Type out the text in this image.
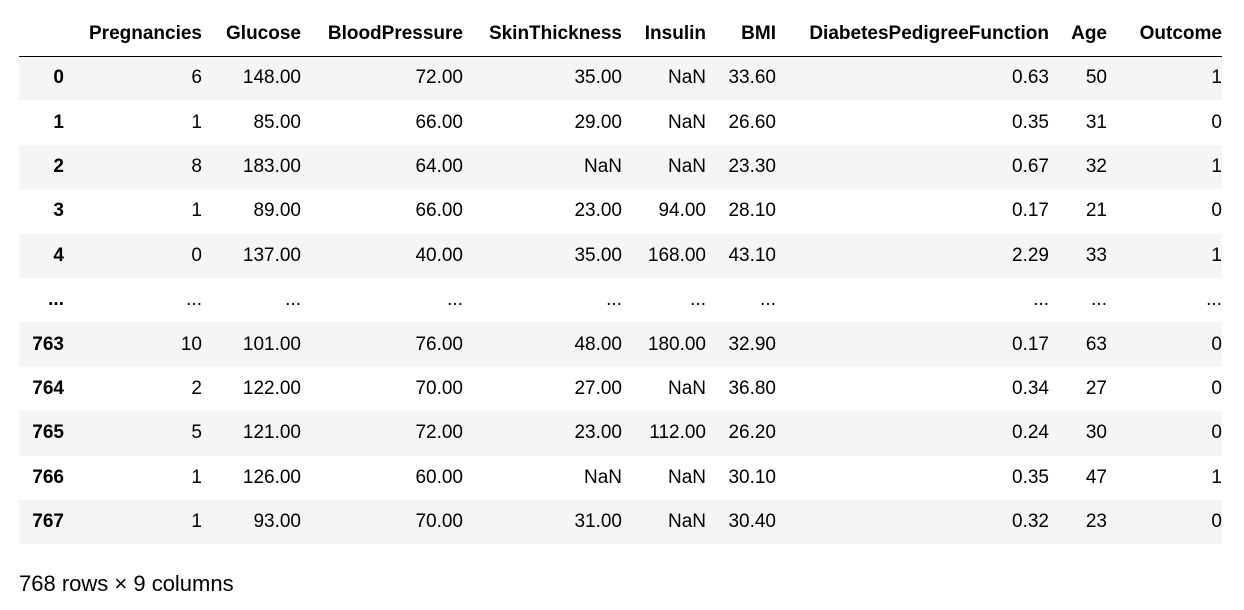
	Pregnancies	Glucose	BloodPressure	SkinThickness	Insulin	BMI	DiabetesPedigreeFunction	Age	Outcome
0	6	148.00	72.00	35.00	NaN	33.60	0.63	50	1
1	1	85.00	66.00	29.00	NaN	26.60	0.35	31	0
2	8	183.00	64.00	NaN	NaN	23.30	0.67	32	1
3	1	89.00	66.00	23.00	94.00	28.10	0.17	21	0
4	0	137.00	40.00	35.00	168.00	43.10	2.29	33	1
...	...	...	...	...	...	...	...	...	...
763	10	101.00	76.00	48.00	180.00	32.90	0.17	63	0
764	2	122.00	70.00	27.00	NaN	36.80	0.34	27	0
765	5	121.00	72.00	23.00	112.00	26.20	0.24	30	0
766	1	126.00	60.00	NaN	NaN	30.10	0.35	47	1
767	1	93.00	70.00	31.00	NaN	30.40	0.32	23	0
768 rows × 9 columns
